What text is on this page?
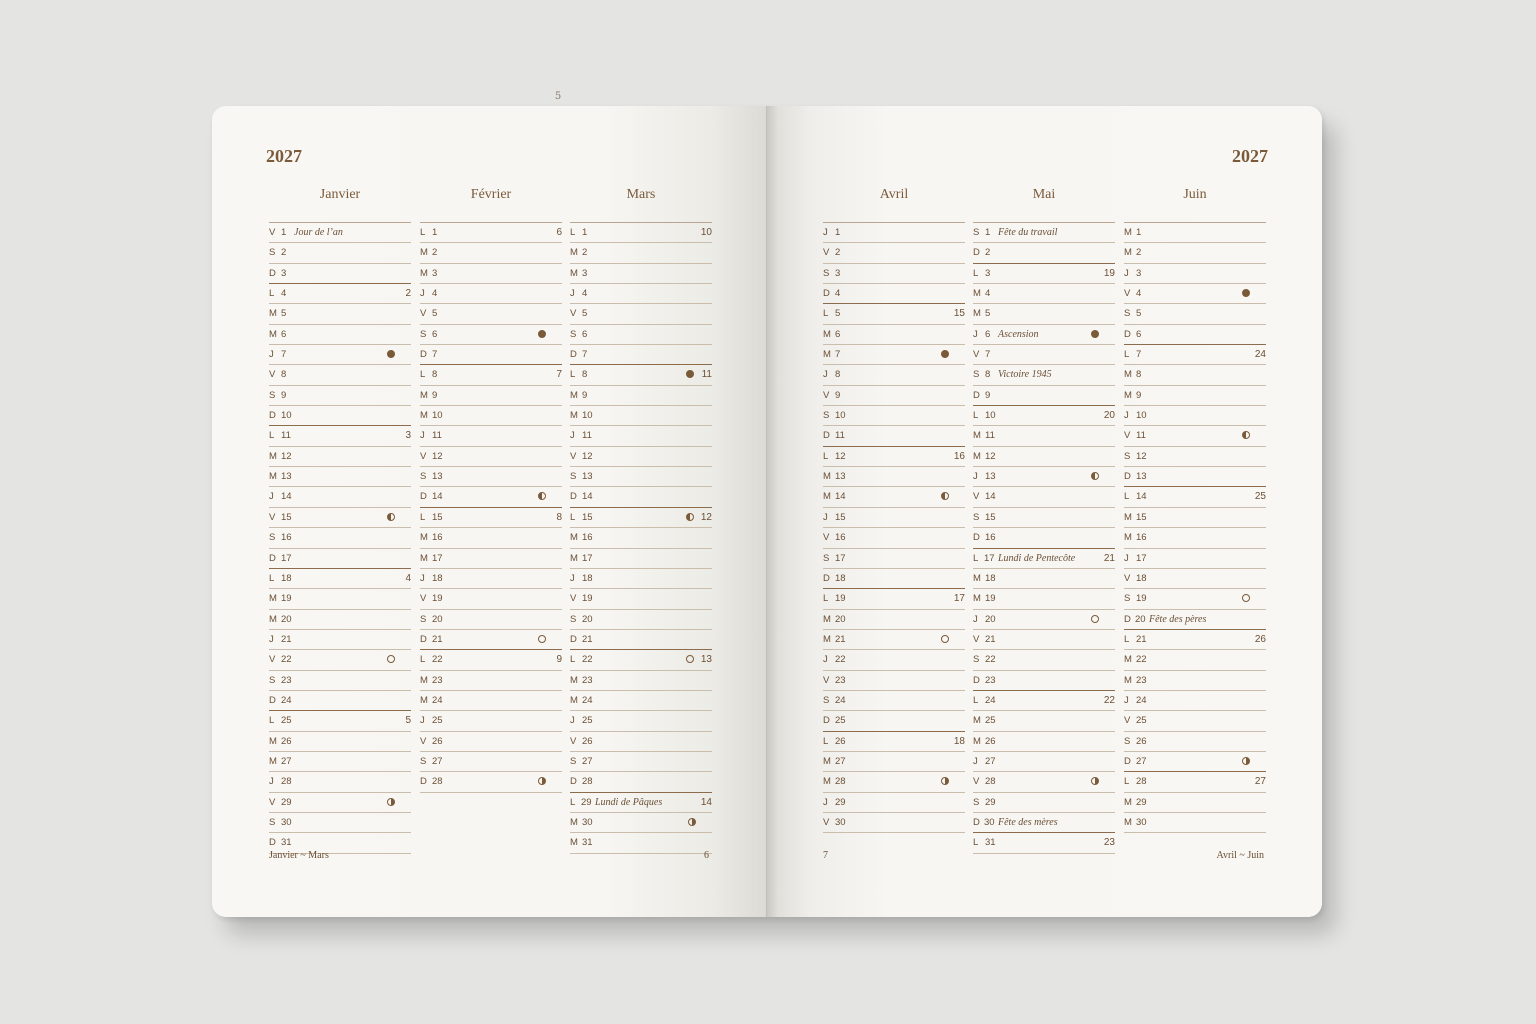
5
2027
Janvier
V 1 Jour de l’an
S 2
D 3
L 4	2
M 5
M 6
J 7
V 8
S 9
D 10
L 11	3
M 12
M 13
J 14
V 15
S 16
D 17
L 18	4
M 19
M 20
J 21
V 22
S 23
D 24
L 25	5
M 26
M 27
J 28
V 29
S 30
D 31
Février
L 1	6
M 2
M 3
J 4
V 5
S 6
D 7
L 8	7
M 9
M 10
J 11
V 12
S 13
D 14
L 15	8
M 16
M 17
J 18
V 19
S 20
D 21
L 22	9
M 23
M 24
J 25
V 26
S 27
D 28
Mars
L 1	10
M 2
M 3
J 4
V 5
S 6
D 7
L 8	11
M 9
M 10
J 11
V 12
S 13
D 14
L 15	12
M 16
M 17
J 18
V 19
S 20
D 21
L 22	13
M 23
M 24
J 25
V 26
S 27
D 28
L 29 Lundi de Pâques	14
M 30
M 31
Janvier ~ Mars	6
2027
Avril
J 1
V 2
S 3
D 4
L 5	15
M 6
M 7
J 8
V 9
S 10
D 11
L 12	16
M 13
M 14
J 15
V 16
S 17
D 18
L 19	17
M 20
M 21
J 22
V 23
S 24
D 25
L 26	18
M 27
M 28
J 29
V 30
Mai
S 1 Fête du travail
D 2
L 3	19
M 4
M 5
J 6 Ascension
V 7
S 8 Victoire 1945
D 9
L 10	20
M 11
M 12
J 13
V 14
S 15
D 16
L 17 Lundi de Pentecôte	21
M 18
M 19
J 20
V 21
S 22
D 23
L 24	22
M 25
M 26
J 27
V 28
S 29
D 30 Fête des mères
L 31	23
Juin
M 1
M 2
J 3
V 4
S 5
D 6
L 7	24
M 8
M 9
J 10
V 11
S 12
D 13
L 14	25
M 15
M 16
J 17
V 18
S 19
D 20 Fête des pères
L 21	26
M 22
M 23
J 24
V 25
S 26
D 27
L 28	27
M 29
M 30
7	Avril ~ Juin
